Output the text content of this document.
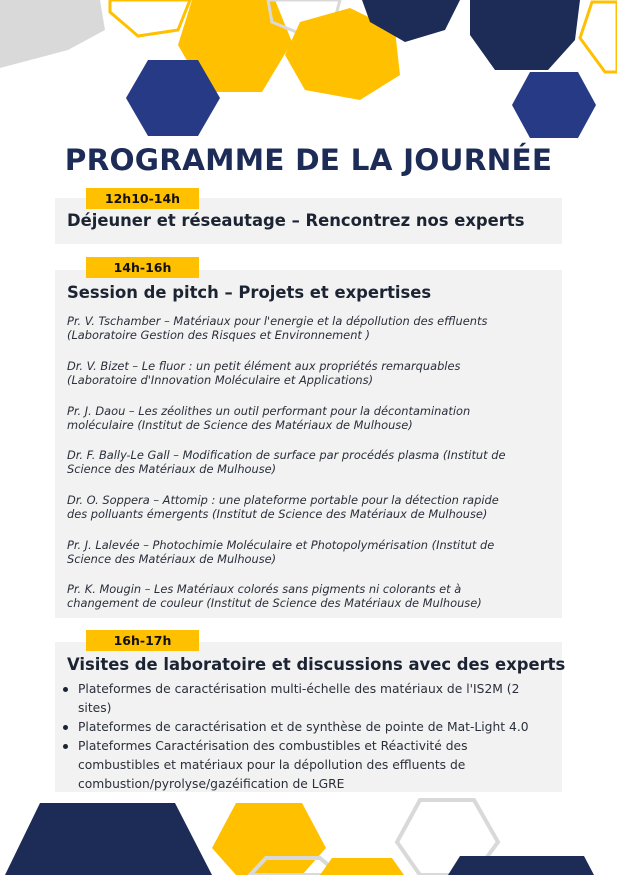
PROGRAMME DE LA JOURNÉE
12h10-14h
Déjeuner et réseautage – Rencontrez nos experts
14h-16h
Session de pitch – Projets et expertises
Pr. V. Tschamber – Matériaux pour l'energie et la dépollution des effluents
(Laboratoire Gestion des Risques et Environnement )
Dr. V. Bizet – Le fluor : un petit élément aux propriétés remarquables
(Laboratoire d'Innovation Moléculaire et Applications)
Pr. J. Daou – Les zéolithes un outil performant pour la décontamination
moléculaire (Institut de Science des Matériaux de Mulhouse)
Dr. F. Bally-Le Gall – Modification de surface par procédés plasma (Institut de
Science des Matériaux de Mulhouse)
Dr. O. Soppera – Attomip : une plateforme portable pour la détection rapide
des polluants émergents (Institut de Science des Matériaux de Mulhouse)
Pr. J. Lalevée – Photochimie Moléculaire et Photopolymérisation (Institut de
Science des Matériaux de Mulhouse)
Pr. K. Mougin – Les Matériaux colorés sans pigments ni colorants et à
changement de couleur (Institut de Science des Matériaux de Mulhouse)
16h-17h
Visites de laboratoire et discussions avec des experts
Plateformes de caractérisation multi-échelle des matériaux de l'IS2M (2
sites)
Plateformes de caractérisation et de synthèse de pointe de Mat-Light 4.0
Plateformes Caractérisation des combustibles et Réactivité des
combustibles et matériaux pour la dépollution des effluents de
combustion/pyrolyse/gazéification de LGRE
